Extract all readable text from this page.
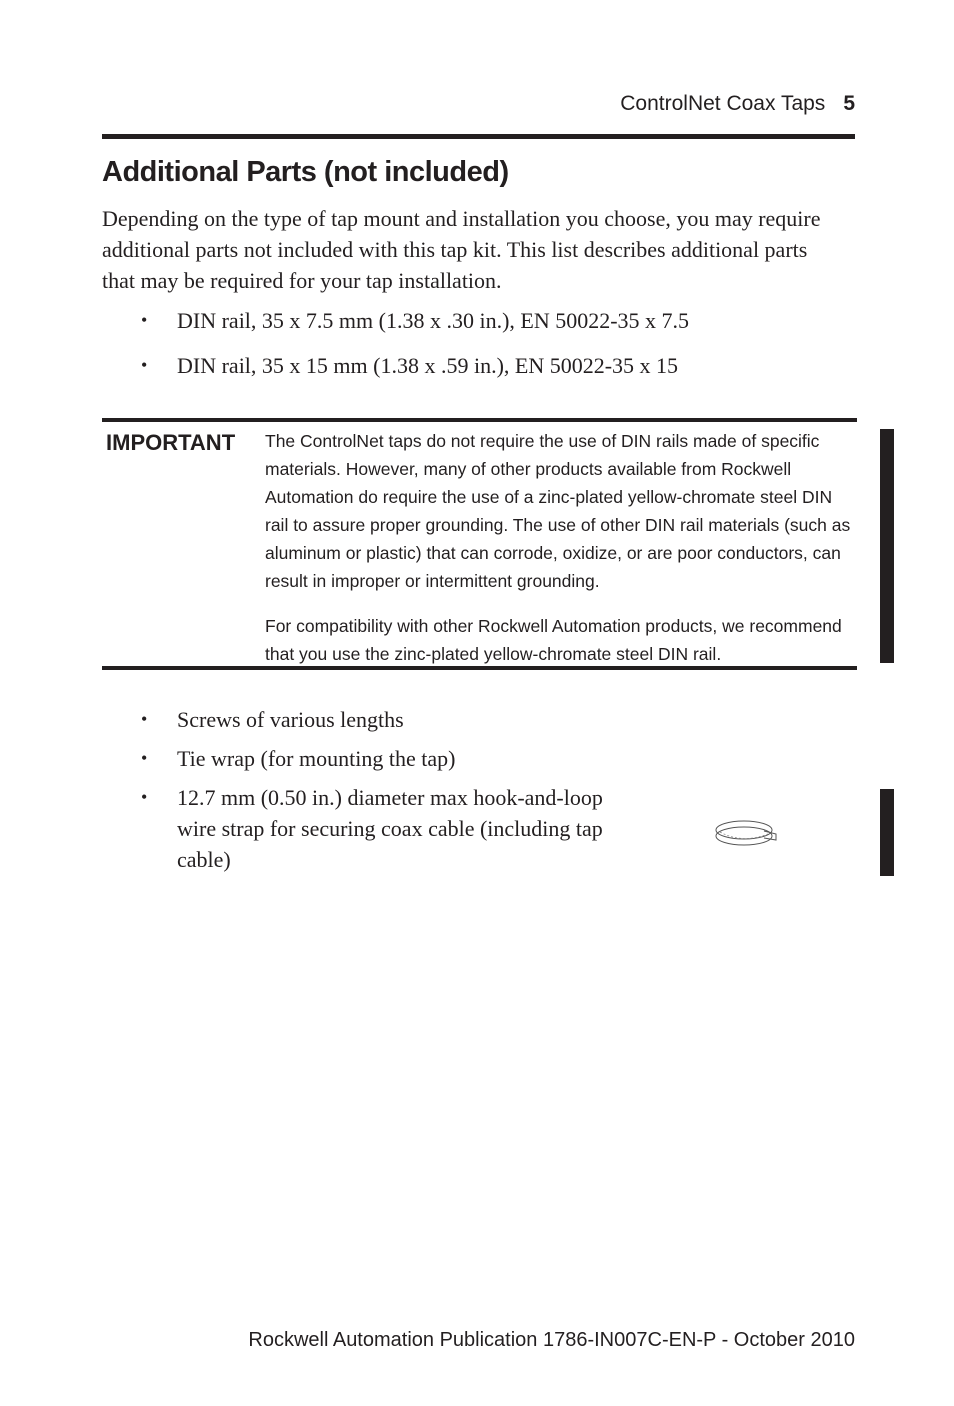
ControlNet Coax Taps 5
Additional Parts (not included)

Depending on the type of tap mount and installation you choose, you may require additional parts not included with this tap kit. This list describes additional parts that may be required for your tap installation.

• DIN rail, 35 x 7.5 mm (1.38 x .30 in.), EN 50022-35 x 7.5
• DIN rail, 35 x 15 mm (1.38 x .59 in.), EN 50022-35 x 15
IMPORTANT The ControlNet taps do not require the use of DIN rails made of specific materials. However, many of other products available from Rockwell Automation do require the use of a zinc-plated yellow-chromate steel DIN rail to assure proper grounding. The use of other DIN rail materials (such as aluminum or plastic) that can corrode, oxidize, or are poor conductors, can result in improper or intermittent grounding.

For compatibility with other Rockwell Automation products, we recommend that you use the zinc-plated yellow-chromate steel DIN rail.

• Screws of various lengths
• Tie wrap (for mounting the tap)
• 12.7 mm (0.50 in.) diameter max hook-and-loop wire strap for securing coax cable (including tap cable)
Rockwell Automation Publication 1786-IN007C-EN-P - October 2010
